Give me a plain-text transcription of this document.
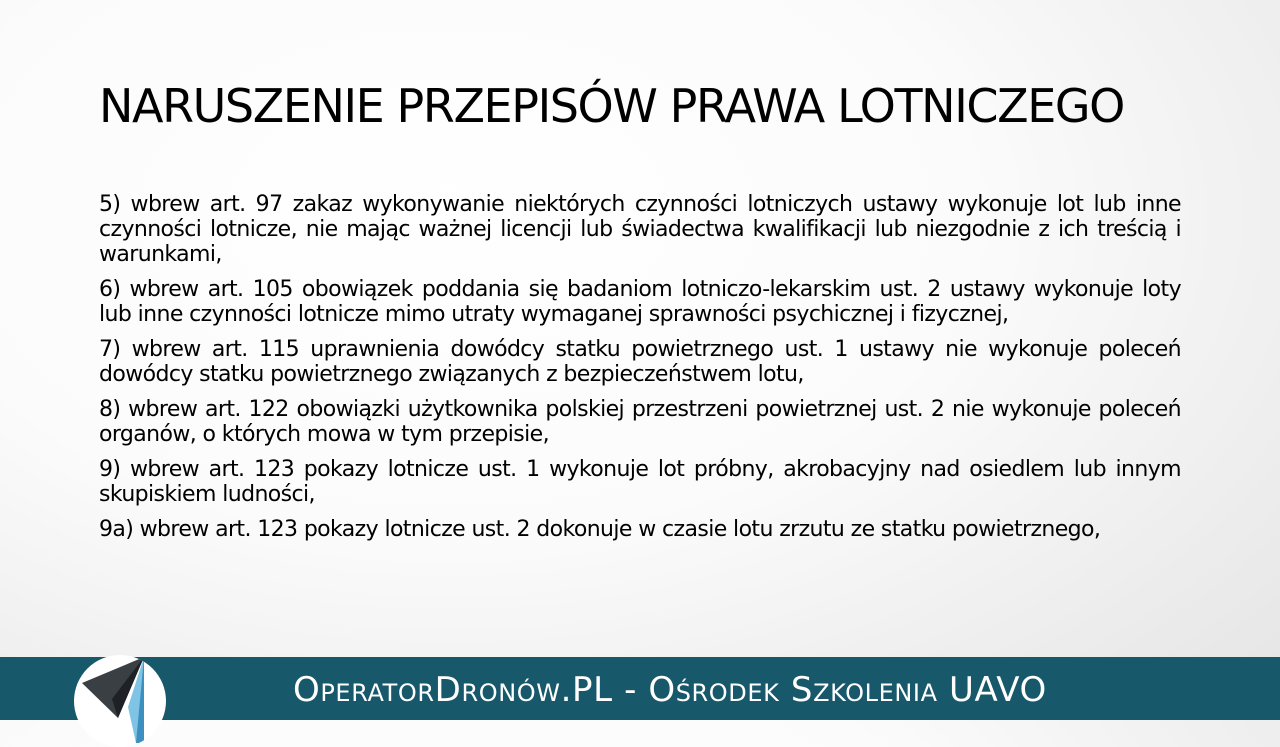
NARUSZENIE PRZEPISÓW PRAWA LOTNICZEGO

5) wbrew art. 97 zakaz wykonywanie niektórych czynności lotniczych ustawy wykonuje lot lub inne czynności lotnicze, nie mając ważnej licencji lub świadectwa kwalifikacji lub niezgodnie z ich treścią i warunkami,

6) wbrew art. 105 obowiązek poddania się badaniom lotniczo-lekarskim ust. 2 ustawy wykonuje loty lub inne czynności lotnicze mimo utraty wymaganej sprawności psychicznej i fizycznej,

7) wbrew art. 115 uprawnienia dowódcy statku powietrznego ust. 1 ustawy nie wykonuje poleceń dowódcy statku powietrznego związanych z bezpieczeństwem lotu,

8) wbrew art. 122 obowiązki użytkownika polskiej przestrzeni powietrznej ust. 2 nie wykonuje poleceń organów, o których mowa w tym przepisie,

9) wbrew art. 123 pokazy lotnicze ust. 1 wykonuje lot próbny, akrobacyjny nad osiedlem lub innym skupiskiem ludności,

9a) wbrew art. 123 pokazy lotnicze ust. 2 dokonuje w czasie lotu zrzutu ze statku powietrznego,

OperatorDronów.PL - Ośrodek Szkolenia UAVO
